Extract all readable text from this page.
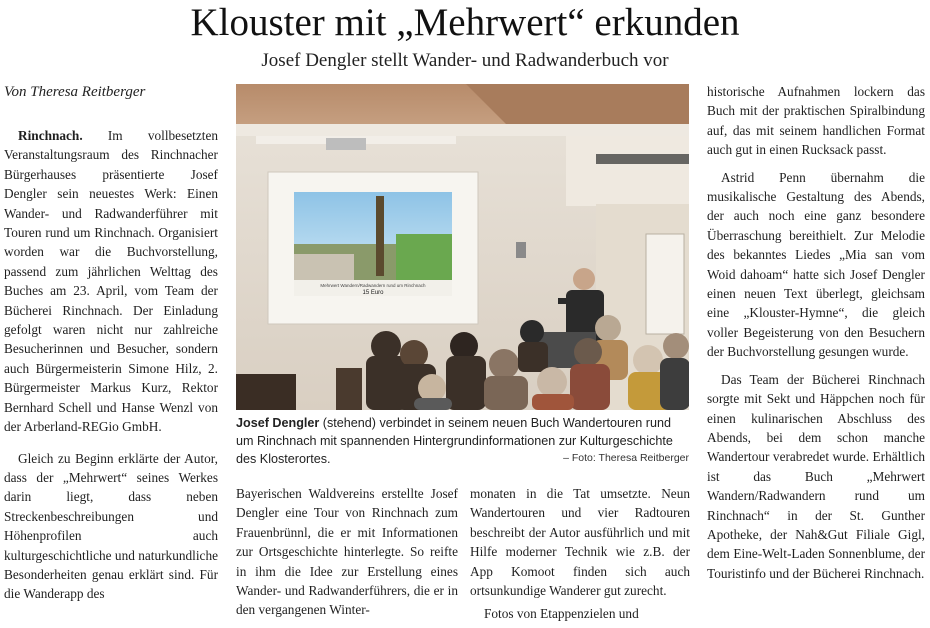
Klouster mit „Mehrwert“ erkunden
Josef Dengler stellt Wander- und Radwanderbuch vor
Von Theresa Reitberger

Rinchnach. Im vollbesetzten Veranstaltungsraum des Rinchnacher Bürgerhauses präsentierte Josef Dengler sein neuestes Werk: Einen Wander- und Radwanderführer mit Touren rund um Rinchnach. Organisiert worden war die Buchvorstellung, passend zum jährlichen Welttag des Buches am 23. April, vom Team der Bücherei Rinchnach. Der Einladung gefolgt waren nicht nur zahlreiche Besucherinnen und Besucher, sondern auch Bürgermeisterin Simone Hilz, 2. Bürgermeister Markus Kurz, Rektor Bernhard Schell und Hanse Wenzl von der Arberland-REGio GmbH.

Gleich zu Beginn erklärte der Autor, dass der „Mehrwert“ seines Werkes darin liegt, dass neben Streckenbeschreibungen und Höhenprofilen auch kulturgeschichtliche und naturkundliche Besonderheiten genau erklärt sind. Für die Wanderapp des

Mehrwert Wandern/Radwandern rund um Rinchnach
15 Euro
Josef Dengler (stehend) verbindet in seinem neuen Buch Wandertouren rund um Rinchnach mit spannenden Hintergrundinformationen zur Kulturgeschichte des Klosterortes.	– Foto: Theresa Reitberger

Bayerischen Waldvereins erstellte Josef Dengler eine Tour von Rinchnach zum Frauenbrünnl, die er mit Informationen zur Ortsgeschichte hinterlegte. So reifte in ihm die Idee zur Erstellung eines Wander- und Radwanderführers, die er in den vergangenen Winter-

monaten in die Tat umsetzte. Neun Wandertouren und vier Radtouren beschreibt der Autor ausführlich und mit Hilfe moderner Technik wie z.B. der App Komoot finden sich auch ortsunkundige Wanderer gut zurecht.

Fotos von Etappenzielen und

historische Aufnahmen lockern das Buch mit der praktischen Spiralbindung auf, das mit seinem handlichen Format auch gut in einen Rucksack passt.

Astrid Penn übernahm die musikalische Gestaltung des Abends, der auch noch eine ganz besondere Überraschung bereithielt. Zur Melodie des bekanntes Liedes „Mia san vom Woid dahoam“ hatte sich Josef Dengler einen neuen Text überlegt, gleichsam eine „Klouster-Hymne“, die gleich voller Begeisterung von den Besuchern der Buchvorstellung gesungen wurde.

Das Team der Bücherei Rinchnach sorgte mit Sekt und Häppchen noch für einen kulinarischen Abschluss des Abends, bei dem schon manche Wandertour verabredet wurde. Erhältlich ist das Buch „Mehrwert Wandern/Radwandern rund um Rinchnach“ in der St. Gunther Apotheke, der Nah&Gut Filiale Gigl, dem Eine-Welt-Laden Sonnenblume, der Touristinfo und der Bücherei Rinchnach.
